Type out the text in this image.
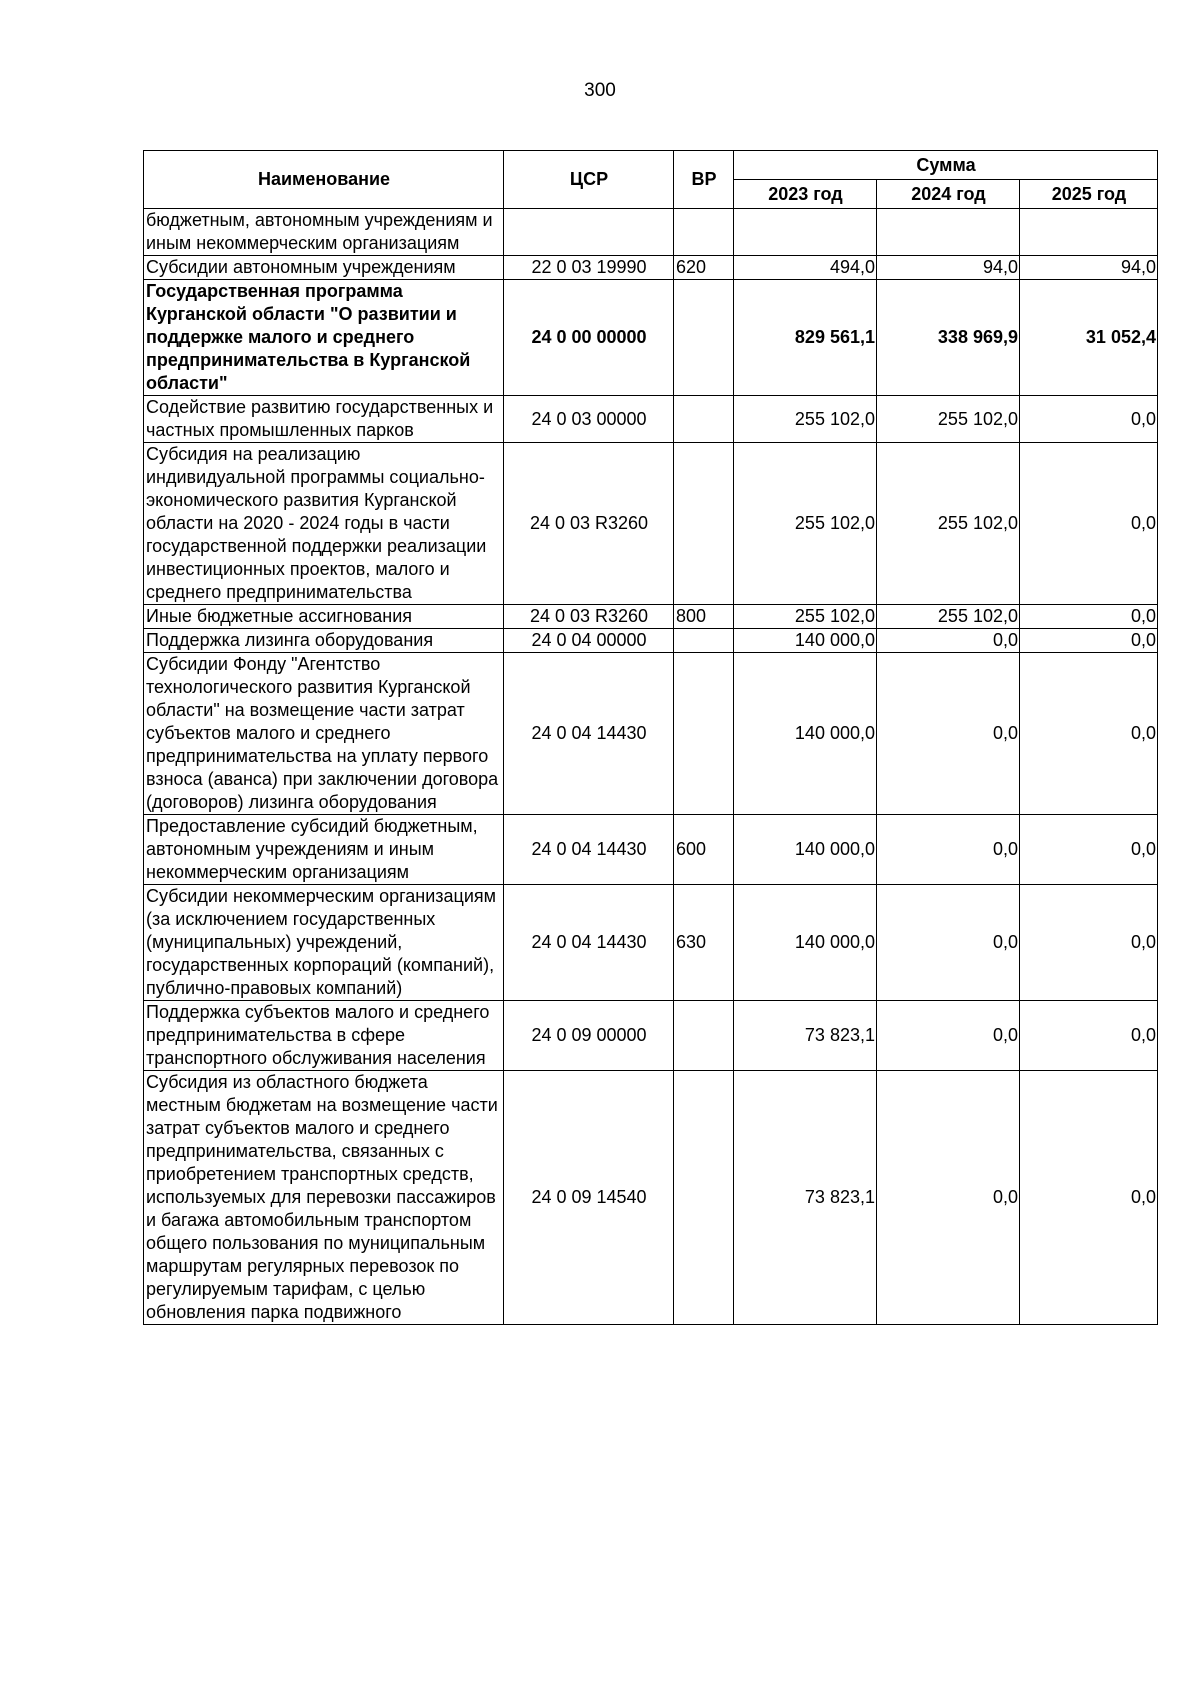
300
Наименование	ЦСР	ВР	Сумма		
			2023 год	2024 год	2025 год
бюджетным, автономным учреждениям и иным некоммерческим организациям					
Субсидии автономным учреждениям	22 0 03 19990	620	494,0	94,0	94,0
Государственная программа Курганской области "О развитии и поддержке малого и среднего предпринимательства в Курганской области"	24 0 00 00000		829 561,1	338 969,9	31 052,4
Содействие развитию государственных и частных промышленных парков	24 0 03 00000		255 102,0	255 102,0	0,0
Субсидия на реализацию индивидуальной программы социально-экономического развития Курганской области на 2020 - 2024 годы в части государственной поддержки реализации инвестиционных проектов, малого и среднего предпринимательства	24 0 03 R3260		255 102,0	255 102,0	0,0
Иные бюджетные ассигнования	24 0 03 R3260	800	255 102,0	255 102,0	0,0
Поддержка лизинга оборудования	24 0 04 00000		140 000,0	0,0	0,0
Субсидии Фонду "Агентство технологического развития Курганской области" на возмещение части затрат субъектов малого и среднего предпринимательства на уплату первого взноса (аванса) при заключении договора (договоров) лизинга оборудования	24 0 04 14430		140 000,0	0,0	0,0
Предоставление субсидий бюджетным, автономным учреждениям и иным некоммерческим организациям	24 0 04 14430	600	140 000,0	0,0	0,0
Субсидии некоммерческим организациям (за исключением государственных (муниципальных) учреждений, государственных корпораций (компаний), публично-правовых компаний)	24 0 04 14430	630	140 000,0	0,0	0,0
Поддержка субъектов малого и среднего предпринимательства в сфере транспортного обслуживания населения	24 0 09 00000		73 823,1	0,0	0,0
Субсидия из областного бюджета местным бюджетам на возмещение части затрат субъектов малого и среднего предпринимательства, связанных с приобретением транспортных средств, используемых для перевозки пассажиров и багажа автомобильным транспортом общего пользования по муниципальным маршрутам регулярных перевозок по регулируемым тарифам, с целью обновления парка подвижного	24 0 09 14540		73 823,1	0,0	0,0
